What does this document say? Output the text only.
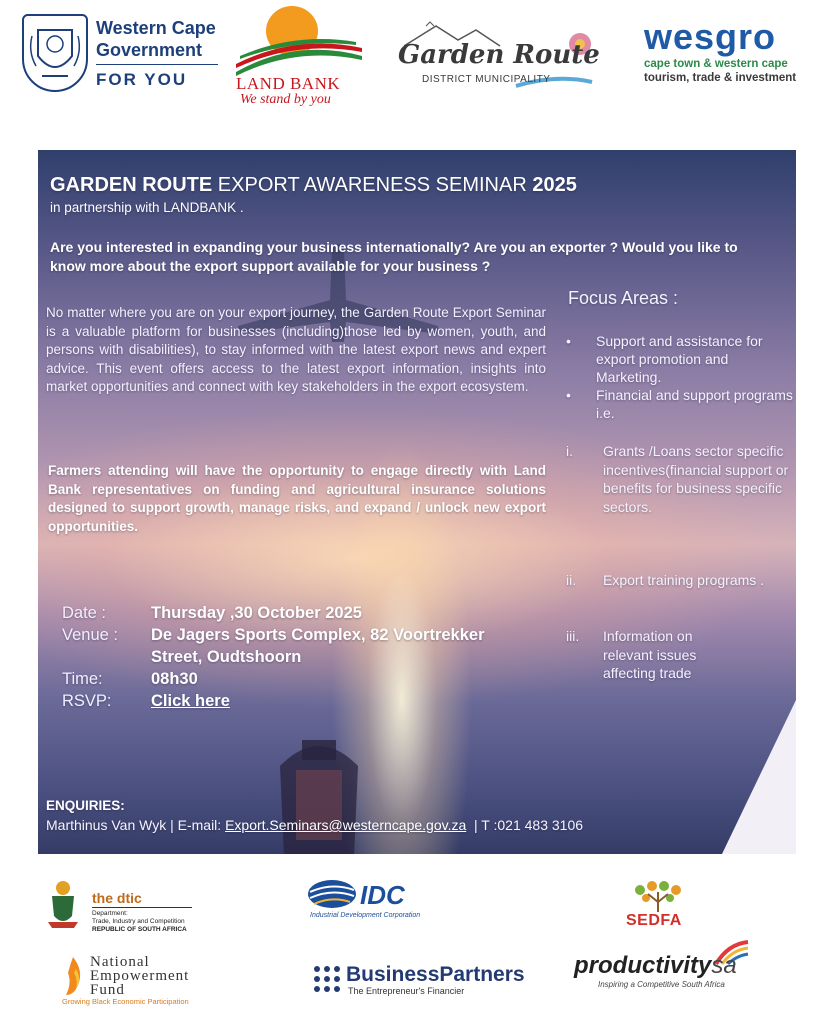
Western Cape
Government
FOR YOU	LAND BANK
We stand by you
Garden Route
DISTRICT MUNICIPALITY
wesgro
cape town & western cape
tourism, trade & investment
GARDEN ROUTE EXPORT AWARENESS SEMINAR 2025
in partnership with LANDBANK .
Are you interested in expanding your business internationally? Are you an exporter ? Would you like to know more about the export support available for your business ?
No matter where you are on your export journey, the Garden Route Export Seminar is a valuable platform for businesses (including)those led by women, youth, and persons with disabilities), to stay informed with the latest export news and expert advice. This event offers access to the latest export information, insights into market opportunities and connect with key stakeholders in the export ecosystem.
Farmers attending will have the opportunity to engage directly with Land Bank representatives on funding and agricultural insurance solutions designed to support growth, manage risks, and expand / unlock new export opportunities.
Focus Areas :
• Support and assistance for export promotion and Marketing.
• Financial and support programs i.e.
i. Grants /Loans sector specific incentives(financial support or benefits for business specific sectors.
ii. Export training programs .
iii. Information on relevant issues affecting trade
Date :	Thursday ,30 October 2025
Venue : De Jagers Sports Complex, 82 Voortrekker
Street, Oudtshoorn
Time:	08h30
RSVP: Click here
ENQUIRIES:
Marthinus Van Wyk | E-mail: Export.Seminars@westerncape.gov.za | T :021 483 3106
the dtic
Department:
Trade, Industry and Competition
REPUBLIC OF SOUTH AFRICA
IDC
Industrial Development Corporation	SEDFA
National
Empowerment
Fund
Growing Black Economic Participation
BusinessPartners
The Entrepreneur's Financier
productivitysa
Inspiring a Competitive South Africa
